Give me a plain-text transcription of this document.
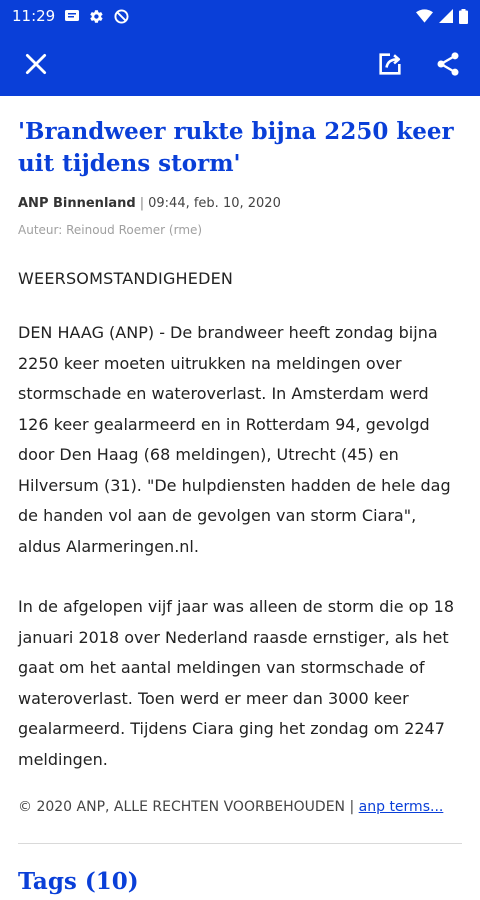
11:29
'Brandweer rukte bijna 2250 keer uit tijdens storm'
ANP Binnenland | 09:44, feb. 10, 2020
Auteur: Reinoud Roemer (rme)
WEERSOMSTANDIGHEDEN

DEN HAAG (ANP) - De brandweer heeft zondag bijna 2250 keer moeten uitrukken na meldingen over stormschade en wateroverlast. In Amsterdam werd 126 keer gealarmeerd en in Rotterdam 94, gevolgd door Den Haag (68 meldingen), Utrecht (45) en Hilversum (31). "De hulpdiensten hadden de hele dag de handen vol aan de gevolgen van storm Ciara", aldus Alarmeringen.nl.

In de afgelopen vijf jaar was alleen de storm die op 18 januari 2018 over Nederland raasde ernstiger, als het gaat om het aantal meldingen van stormschade of wateroverlast. Toen werd er meer dan 3000 keer gealarmeerd. Tijdens Ciara ging het zondag om 2247 meldingen.

© 2020 ANP, ALLE RECHTEN VOORBEHOUDEN | anp terms...
Tags (10)
